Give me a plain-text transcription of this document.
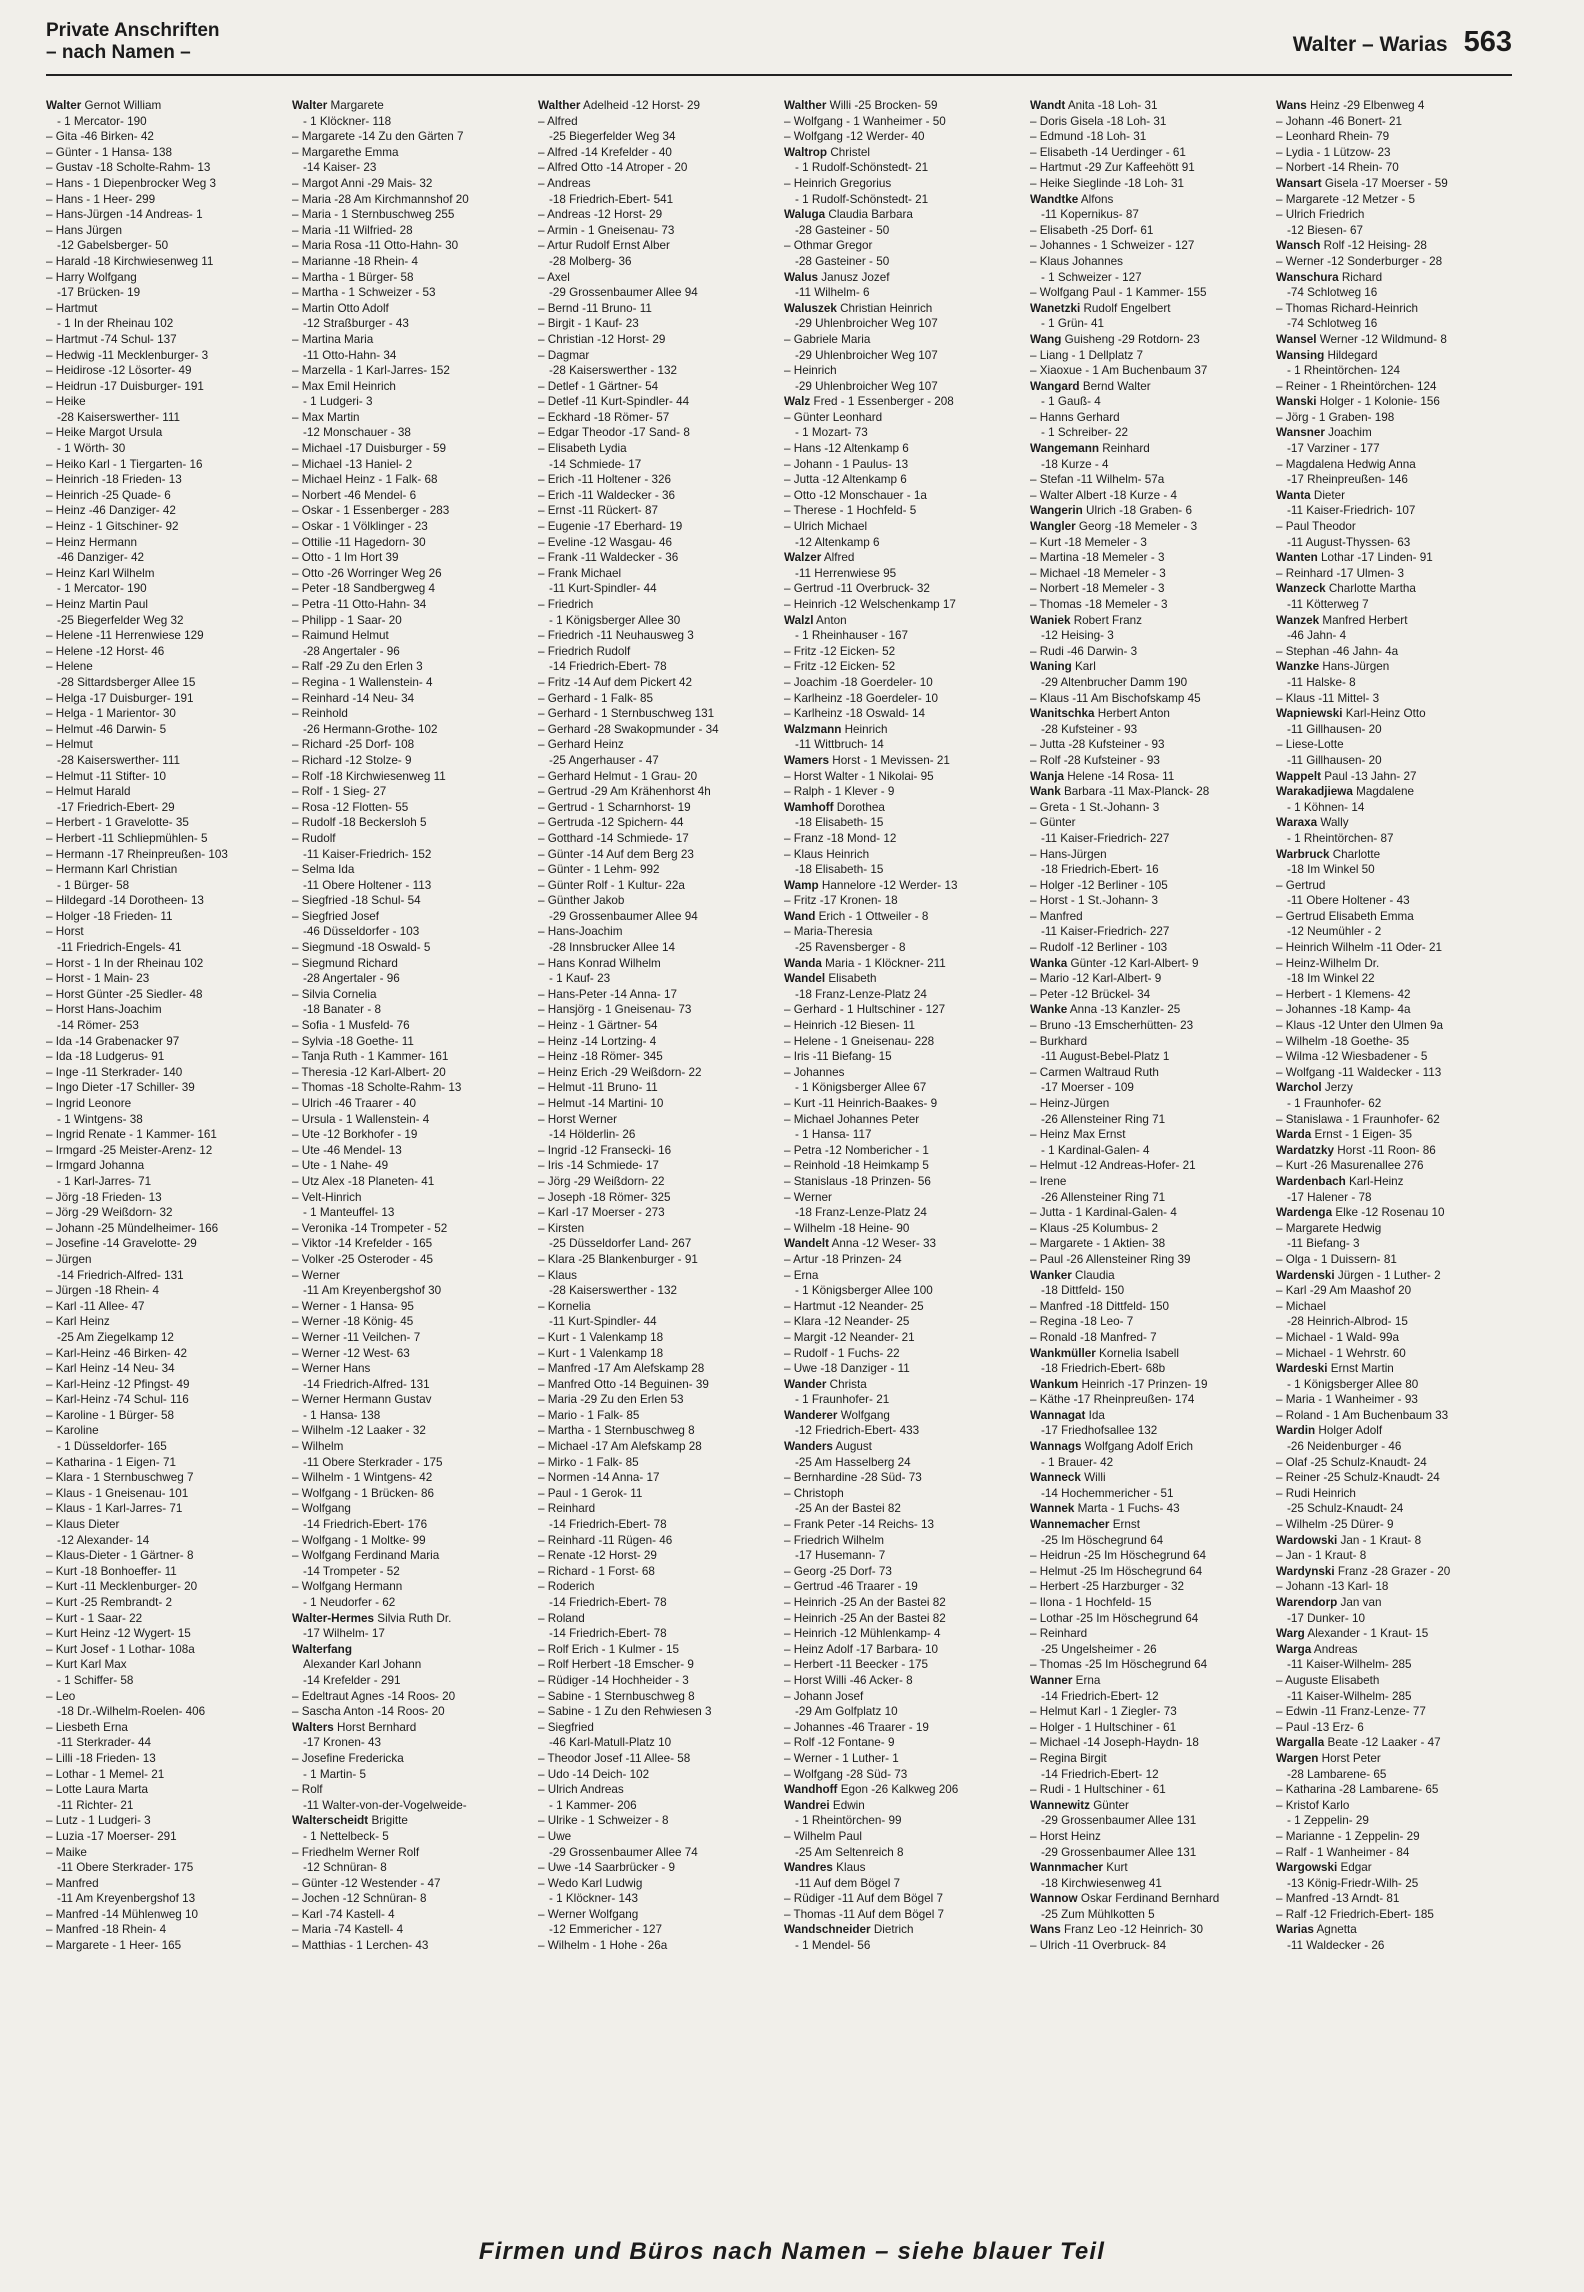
Private Anschriften
– nach Namen –	Walter – Warias 563
Walter Gernot William
- 1 Mercator- 190
– Gita -46 Birken- 42
– Günter - 1 Hansa- 138
– Gustav -18 Scholte-Rahm- 13
– Hans - 1 Diepenbrocker Weg 3
– Hans - 1 Heer- 299
– Hans-Jürgen -14 Andreas- 1
– Hans Jürgen
-12 Gabelsberger- 50
– Harald -18 Kirchwiesenweg 11
– Harry Wolfgang
-17 Brücken- 19
– Hartmut
- 1 In der Rheinau 102
– Hartmut -74 Schul- 137
– Hedwig -11 Mecklenburger- 3
– Heidirose -12 Lösorter- 49
– Heidrun -17 Duisburger- 191
– Heike
-28 Kaiserswerther- 111
– Heike Margot Ursula
- 1 Wörth- 30
– Heiko Karl - 1 Tiergarten- 16
– Heinrich -18 Frieden- 13
– Heinrich -25 Quade- 6
– Heinz -46 Danziger- 42
– Heinz - 1 Gitschiner- 92
– Heinz Hermann
-46 Danziger- 42
– Heinz Karl Wilhelm
- 1 Mercator- 190
– Heinz Martin Paul
-25 Biegerfelder Weg 32
– Helene -11 Herrenwiese 129
– Helene -12 Horst- 46
– Helene
-28 Sittardsberger Allee 15
– Helga -17 Duisburger- 191
– Helga - 1 Marientor- 30
– Helmut -46 Darwin- 5
– Helmut
-28 Kaiserswerther- 111
– Helmut -11 Stifter- 10
– Helmut Harald
-17 Friedrich-Ebert- 29
– Herbert - 1 Gravelotte- 35
– Herbert -11 Schliepmühlen- 5
– Hermann -17 Rheinpreußen- 103
– Hermann Karl Christian
- 1 Bürger- 58
– Hildegard -14 Dorotheen- 13
– Holger -18 Frieden- 11
– Horst
-11 Friedrich-Engels- 41
– Horst - 1 In der Rheinau 102
– Horst - 1 Main- 23
– Horst Günter -25 Siedler- 48
– Horst Hans-Joachim
-14 Römer- 253
– Ida -14 Grabenacker 97
– Ida -18 Ludgerus- 91
– Inge -11 Sterkrader- 140
– Ingo Dieter -17 Schiller- 39
– Ingrid Leonore
- 1 Wintgens- 38
– Ingrid Renate - 1 Kammer- 161
– Irmgard -25 Meister-Arenz- 12
– Irmgard Johanna
- 1 Karl-Jarres- 71
– Jörg -18 Frieden- 13
– Jörg -29 Weißdorn- 32
– Johann -25 Mündelheimer- 166
– Josefine -14 Gravelotte- 29
– Jürgen
-14 Friedrich-Alfred- 131
– Jürgen -18 Rhein- 4
– Karl -11 Allee- 47
– Karl Heinz
-25 Am Ziegelkamp 12
– Karl-Heinz -46 Birken- 42
– Karl Heinz -14 Neu- 34
– Karl-Heinz -12 Pfingst- 49
– Karl-Heinz -74 Schul- 116
– Karoline - 1 Bürger- 58
– Karoline
- 1 Düsseldorfer- 165
– Katharina - 1 Eigen- 71
– Klara - 1 Sternbuschweg 7
– Klaus - 1 Gneisenau- 101
– Klaus - 1 Karl-Jarres- 71
– Klaus Dieter
-12 Alexander- 14
– Klaus-Dieter - 1 Gärtner- 8
– Kurt -18 Bonhoeffer- 11
– Kurt -11 Mecklenburger- 20
– Kurt -25 Rembrandt- 2
– Kurt - 1 Saar- 22
– Kurt Heinz -12 Wygert- 15
– Kurt Josef - 1 Lothar- 108a
– Kurt Karl Max
- 1 Schiffer- 58
– Leo
-18 Dr.-Wilhelm-Roelen- 406
– Liesbeth Erna
-11 Sterkrader- 44
– Lilli -18 Frieden- 13
– Lothar - 1 Memel- 21
– Lotte Laura Marta
-11 Richter- 21
– Lutz - 1 Ludgeri- 3
– Luzia -17 Moerser- 291
– Maike
-11 Obere Sterkrader- 175
– Manfred
-11 Am Kreyenbergshof 13
– Manfred -14 Mühlenweg 10
– Manfred -18 Rhein- 4
– Margarete - 1 Heer- 165
Walter Margarete
- 1 Klöckner- 118
– Margarete -14 Zu den Gärten 7
– Margarethe Emma
-14 Kaiser- 23
– Margot Anni -29 Mais- 32
– Maria -28 Am Kirchmannshof 20
– Maria - 1 Sternbuschweg 255
– Maria -11 Wilfried- 28
– Maria Rosa -11 Otto-Hahn- 30
– Marianne -18 Rhein- 4
– Martha - 1 Bürger- 58
– Martha - 1 Schweizer - 53
– Martin Otto Adolf
-12 Straßburger - 43
– Martina Maria
-11 Otto-Hahn- 34
– Marzella - 1 Karl-Jarres- 152
– Max Emil Heinrich
- 1 Ludgeri- 3
– Max Martin
-12 Monschauer - 38
– Michael -17 Duisburger - 59
– Michael -13 Haniel- 2
– Michael Heinz - 1 Falk- 68
– Norbert -46 Mendel- 6
– Oskar - 1 Essenberger - 283
– Oskar - 1 Völklinger - 23
– Ottilie -11 Hagedorn- 30
– Otto - 1 Im Hort 39
– Otto -26 Worringer Weg 26
– Peter -18 Sandbergweg 4
– Petra -11 Otto-Hahn- 34
– Philipp - 1 Saar- 20
– Raimund Helmut
-28 Angertaler - 96
– Ralf -29 Zu den Erlen 3
– Regina - 1 Wallenstein- 4
– Reinhard -14 Neu- 34
– Reinhold
-26 Hermann-Grothe- 102
– Richard -25 Dorf- 108
– Richard -12 Stolze- 9
– Rolf -18 Kirchwiesenweg 11
– Rolf - 1 Sieg- 27
– Rosa -12 Flotten- 55
– Rudolf -18 Beckersloh 5
– Rudolf
-11 Kaiser-Friedrich- 152
– Selma Ida
-11 Obere Holtener - 113
– Siegfried -18 Schul- 54
– Siegfried Josef
-46 Düsseldorfer - 103
– Siegmund -18 Oswald- 5
– Siegmund Richard
-28 Angertaler - 96
– Silvia Cornelia
-18 Banater - 8
– Sofia - 1 Musfeld- 76
– Sylvia -18 Goethe- 11
– Tanja Ruth - 1 Kammer- 161
– Theresia -12 Karl-Albert- 20
– Thomas -18 Scholte-Rahm- 13
– Ulrich -46 Traarer - 40
– Ursula - 1 Wallenstein- 4
– Ute -12 Borkhofer - 19
– Ute -46 Mendel- 13
– Ute - 1 Nahe- 49
– Utz Alex -18 Planeten- 41
– Velt-Hinrich
- 1 Manteuffel- 13
– Veronika -14 Trompeter - 52
– Viktor -14 Krefelder - 165
– Volker -25 Osteroder - 45
– Werner
-11 Am Kreyenbergshof 30
– Werner - 1 Hansa- 95
– Werner -18 König- 45
– Werner -11 Veilchen- 7
– Werner -12 West- 63
– Werner Hans
-14 Friedrich-Alfred- 131
– Werner Hermann Gustav
- 1 Hansa- 138
– Wilhelm -12 Laaker - 32
– Wilhelm
-11 Obere Sterkrader - 175
– Wilhelm - 1 Wintgens- 42
– Wolfgang - 1 Brücken- 86
– Wolfgang
-14 Friedrich-Ebert- 176
– Wolfgang - 1 Moltke- 99
– Wolfgang Ferdinand Maria
-14 Trompeter - 52
– Wolfgang Hermann
- 1 Neudorfer - 62
Walter-Hermes Silvia Ruth Dr.
-17 Wilhelm- 17
Walterfang
Alexander Karl Johann
-14 Krefelder - 291
– Edeltraut Agnes -14 Roos- 20
– Sascha Anton -14 Roos- 20
Walters Horst Bernhard
-17 Kronen- 43
– Josefine Fredericka
- 1 Martin- 5
– Rolf
-11 Walter-von-der-Vogelweide-
Walterscheidt Brigitte
- 1 Nettelbeck- 5
– Friedhelm Werner Rolf
-12 Schnüran- 8
– Günter -12 Westender - 47
– Jochen -12 Schnüran- 8
– Karl -74 Kastell- 4
– Maria -74 Kastell- 4
– Matthias - 1 Lerchen- 43
Walther Adelheid -12 Horst- 29
– Alfred
-25 Biegerfelder Weg 34
– Alfred -14 Krefelder - 40
– Alfred Otto -14 Atroper - 20
– Andreas
-18 Friedrich-Ebert- 541
– Andreas -12 Horst- 29
– Armin - 1 Gneisenau- 73
– Artur Rudolf Ernst Alber
-28 Molberg- 36
– Axel
-29 Grossenbaumer Allee 94
– Bernd -11 Bruno- 11
– Birgit - 1 Kauf- 23
– Christian -12 Horst- 29
– Dagmar
-28 Kaiserswerther - 132
– Detlef - 1 Gärtner- 54
– Detlef -11 Kurt-Spindler- 44
– Eckhard -18 Römer- 57
– Edgar Theodor -17 Sand- 8
– Elisabeth Lydia
-14 Schmiede- 17
– Erich -11 Holtener - 326
– Erich -11 Waldecker - 36
– Ernst -11 Rückert- 87
– Eugenie -17 Eberhard- 19
– Eveline -12 Wasgau- 46
– Frank -11 Waldecker - 36
– Frank Michael
-11 Kurt-Spindler- 44
– Friedrich
- 1 Königsberger Allee 30
– Friedrich -11 Neuhausweg 3
– Friedrich Rudolf
-14 Friedrich-Ebert- 78
– Fritz -14 Auf dem Pickert 42
– Gerhard - 1 Falk- 85
– Gerhard - 1 Sternbuschweg 131
– Gerhard -28 Swakopmunder - 34
– Gerhard Heinz
-25 Angerhauser - 47
– Gerhard Helmut - 1 Grau- 20
– Gertrud -29 Am Krähenhorst 4h
– Gertrud - 1 Scharnhorst- 19
– Gertruda -12 Spichern- 44
– Gotthard -14 Schmiede- 17
– Günter -14 Auf dem Berg 23
– Günter - 1 Lehm- 992
– Günter Rolf - 1 Kultur- 22a
– Günther Jakob
-29 Grossenbaumer Allee 94
– Hans-Joachim
-28 Innsbrucker Allee 14
– Hans Konrad Wilhelm
- 1 Kauf- 23
– Hans-Peter -14 Anna- 17
– Hansjörg - 1 Gneisenau- 73
– Heinz - 1 Gärtner- 54
– Heinz -14 Lortzing- 4
– Heinz -18 Römer- 345
– Heinz Erich -29 Weißdorn- 22
– Helmut -11 Bruno- 11
– Helmut -14 Martini- 10
– Horst Werner
-14 Hölderlin- 26
– Ingrid -12 Fransecki- 16
– Iris -14 Schmiede- 17
– Jörg -29 Weißdorn- 22
– Joseph -18 Römer- 325
– Karl -17 Moerser - 273
– Kirsten
-25 Düsseldorfer Land- 267
– Klara -25 Blankenburger - 91
– Klaus
-28 Kaiserswerther - 132
– Kornelia
-11 Kurt-Spindler- 44
– Kurt - 1 Valenkamp 18
– Kurt - 1 Valenkamp 18
– Manfred -17 Am Alefskamp 28
– Manfred Otto -14 Beguinen- 39
– Maria -29 Zu den Erlen 53
– Mario - 1 Falk- 85
– Martha - 1 Sternbuschweg 8
– Michael -17 Am Alefskamp 28
– Mirko - 1 Falk- 85
– Normen -14 Anna- 17
– Paul - 1 Gerok- 11
– Reinhard
-14 Friedrich-Ebert- 78
– Reinhard -11 Rügen- 46
– Renate -12 Horst- 29
– Richard - 1 Forst- 68
– Roderich
-14 Friedrich-Ebert- 78
– Roland
-14 Friedrich-Ebert- 78
– Rolf Erich - 1 Kulmer - 15
– Rolf Herbert -18 Emscher- 9
– Rüdiger -14 Hochheider - 3
– Sabine - 1 Sternbuschweg 8
– Sabine - 1 Zu den Rehwiesen 3
– Siegfried
-46 Karl-Matull-Platz 10
– Theodor Josef -11 Allee- 58
– Udo -14 Deich- 102
– Ulrich Andreas
- 1 Kammer- 206
– Ulrike - 1 Schweizer - 8
– Uwe
-29 Grossenbaumer Allee 74
– Uwe -14 Saarbrücker - 9
– Wedo Karl Ludwig
- 1 Klöckner- 143
– Werner Wolfgang
-12 Emmericher - 127
– Wilhelm - 1 Hohe - 26a
Walther Willi -25 Brocken- 59
– Wolfgang - 1 Wanheimer - 50
– Wolfgang -12 Werder- 40
Waltrop Christel
- 1 Rudolf-Schönstedt- 21
– Heinrich Gregorius
- 1 Rudolf-Schönstedt- 21
Waluga Claudia Barbara
-28 Gasteiner - 50
– Othmar Gregor
-28 Gasteiner - 50
Walus Janusz Jozef
-11 Wilhelm- 6
Waluszek Christian Heinrich
-29 Uhlenbroicher Weg 107
– Gabriele Maria
-29 Uhlenbroicher Weg 107
– Heinrich
-29 Uhlenbroicher Weg 107
Walz Fred - 1 Essenberger - 208
– Günter Leonhard
- 1 Mozart- 73
– Hans -12 Altenkamp 6
– Johann - 1 Paulus- 13
– Jutta -12 Altenkamp 6
– Otto -12 Monschauer - 1a
– Therese - 1 Hochfeld- 5
– Ulrich Michael
-12 Altenkamp 6
Walzer Alfred
-11 Herrenwiese 95
– Gertrud -11 Overbruck- 32
– Heinrich -12 Welschenkamp 17
Walzl Anton
- 1 Rheinhauser - 167
– Fritz -12 Eicken- 52
– Fritz -12 Eicken- 52
– Joachim -18 Goerdeler- 10
– Karlheinz -18 Goerdeler- 10
– Karlheinz -18 Oswald- 14
Walzmann Heinrich
-11 Wittbruch- 14
Wamers Horst - 1 Mevissen- 21
– Horst Walter - 1 Nikolai- 95
– Ralph - 1 Klever - 9
Wamhoff Dorothea
-18 Elisabeth- 15
– Franz -18 Mond- 12
– Klaus Heinrich
-18 Elisabeth- 15
Wamp Hannelore -12 Werder- 13
– Fritz -17 Kronen- 18
Wand Erich - 1 Ottweiler - 8
– Maria-Theresia
-25 Ravensberger - 8
Wanda Maria - 1 Klöckner- 211
Wandel Elisabeth
-18 Franz-Lenze-Platz 24
– Gerhard - 1 Hultschiner - 127
– Heinrich -12 Biesen- 11
– Helene - 1 Gneisenau- 228
– Iris -11 Biefang- 15
– Johannes
- 1 Königsberger Allee 67
– Kurt -11 Heinrich-Baakes- 9
– Michael Johannes Peter
- 1 Hansa- 117
– Petra -12 Nombericher - 1
– Reinhold -18 Heimkamp 5
– Stanislaus -18 Prinzen- 56
– Werner
-18 Franz-Lenze-Platz 24
– Wilhelm -18 Heine- 90
Wandelt Anna -12 Weser- 33
– Artur -18 Prinzen- 24
– Erna
- 1 Königsberger Allee 100
– Hartmut -12 Neander- 25
– Klara -12 Neander- 25
– Margit -12 Neander- 21
– Rudolf - 1 Fuchs- 22
– Uwe -18 Danziger - 11
Wander Christa
- 1 Fraunhofer- 21
Wanderer Wolfgang
-12 Friedrich-Ebert- 433
Wanders August
-25 Am Hasselberg 24
– Bernhardine -28 Süd- 73
– Christoph
-25 An der Bastei 82
– Frank Peter -14 Reichs- 13
– Friedrich Wilhelm
-17 Husemann- 7
– Georg -25 Dorf- 73
– Gertrud -46 Traarer - 19
– Heinrich -25 An der Bastei 82
– Heinrich -25 An der Bastei 82
– Heinrich -12 Mühlenkamp- 4
– Heinz Adolf -17 Barbara- 10
– Herbert -11 Beecker - 175
– Horst Willi -46 Acker- 8
– Johann Josef
-29 Am Golfplatz 10
– Johannes -46 Traarer - 19
– Rolf -12 Fontane- 9
– Werner - 1 Luther- 1
– Wolfgang -28 Süd- 73
Wandhoff Egon -26 Kalkweg 206
Wandrei Edwin
- 1 Rheintörchen- 99
– Wilhelm Paul
-25 Am Seltenreich 8
Wandres Klaus
-11 Auf dem Bögel 7
– Rüdiger -11 Auf dem Bögel 7
– Thomas -11 Auf dem Bögel 7
Wandschneider Dietrich
- 1 Mendel- 56
Wandt Anita -18 Loh- 31
– Doris Gisela -18 Loh- 31
– Edmund -18 Loh- 31
– Elisabeth -14 Uerdinger - 61
– Hartmut -29 Zur Kaffeehött 91
– Heike Sieglinde -18 Loh- 31
Wandtke Alfons
-11 Kopernikus- 87
– Elisabeth -25 Dorf- 61
– Johannes - 1 Schweizer - 127
– Klaus Johannes
- 1 Schweizer - 127
– Wolfgang Paul - 1 Kammer- 155
Wanetzki Rudolf Engelbert
- 1 Grün- 41
Wang Guisheng -29 Rotdorn- 23
– Liang - 1 Dellplatz 7
– Xiaoxue - 1 Am Buchenbaum 37
Wangard Bernd Walter
- 1 Gauß- 4
– Hanns Gerhard
- 1 Schreiber- 22
Wangemann Reinhard
-18 Kurze - 4
– Stefan -11 Wilhelm- 57a
– Walter Albert -18 Kurze - 4
Wangerin Ulrich -18 Graben- 6
Wangler Georg -18 Memeler - 3
– Kurt -18 Memeler - 3
– Martina -18 Memeler - 3
– Michael -18 Memeler - 3
– Norbert -18 Memeler - 3
– Thomas -18 Memeler - 3
Waniek Robert Franz
-12 Heising- 3
– Rudi -46 Darwin- 3
Waning Karl
-29 Altenbrucher Damm 190
– Klaus -11 Am Bischofskamp 45
Wanitschka Herbert Anton
-28 Kufsteiner - 93
– Jutta -28 Kufsteiner - 93
– Rolf -28 Kufsteiner - 93
Wanja Helene -14 Rosa- 11
Wank Barbara -11 Max-Planck- 28
– Greta - 1 St.-Johann- 3
– Günter
-11 Kaiser-Friedrich- 227
– Hans-Jürgen
-18 Friedrich-Ebert- 16
– Holger -12 Berliner - 105
– Horst - 1 St.-Johann- 3
– Manfred
-11 Kaiser-Friedrich- 227
– Rudolf -12 Berliner - 103
Wanka Günter -12 Karl-Albert- 9
– Mario -12 Karl-Albert- 9
– Peter -12 Brückel- 34
Wanke Anna -13 Kanzler- 25
– Bruno -13 Emscherhütten- 23
– Burkhard
-11 August-Bebel-Platz 1
– Carmen Waltraud Ruth
-17 Moerser - 109
– Heinz-Jürgen
-26 Allensteiner Ring 71
– Heinz Max Ernst
- 1 Kardinal-Galen- 4
– Helmut -12 Andreas-Hofer- 21
– Irene
-26 Allensteiner Ring 71
– Jutta - 1 Kardinal-Galen- 4
– Klaus -25 Kolumbus- 2
– Margarete - 1 Aktien- 38
– Paul -26 Allensteiner Ring 39
Wanker Claudia
-18 Dittfeld- 150
– Manfred -18 Dittfeld- 150
– Regina -18 Leo- 7
– Ronald -18 Manfred- 7
Wankmüller Kornelia Isabell
-18 Friedrich-Ebert- 68b
Wankum Heinrich -17 Prinzen- 19
– Käthe -17 Rheinpreußen- 174
Wannagat Ida
-17 Friedhofsallee 132
Wannags Wolfgang Adolf Erich
- 1 Brauer- 42
Wanneck Willi
-14 Hochemmericher - 51
Wannek Marta - 1 Fuchs- 43
Wannemacher Ernst
-25 Im Höschegrund 64
– Heidrun -25 Im Höschegrund 64
– Helmut -25 Im Höschegrund 64
– Herbert -25 Harzburger - 32
– Ilona - 1 Hochfeld- 15
– Lothar -25 Im Höschegrund 64
– Reinhard
-25 Ungelsheimer - 26
– Thomas -25 Im Höschegrund 64
Wanner Erna
-14 Friedrich-Ebert- 12
– Helmut Karl - 1 Ziegler- 73
– Holger - 1 Hultschiner - 61
– Michael -14 Joseph-Haydn- 18
– Regina Birgit
-14 Friedrich-Ebert- 12
– Rudi - 1 Hultschiner - 61
Wannewitz Günter
-29 Grossenbaumer Allee 131
– Horst Heinz
-29 Grossenbaumer Allee 131
Wannmacher Kurt
-18 Kirchwiesenweg 41
Wannow Oskar Ferdinand Bernhard
-25 Zum Mühlkotten 5
Wans Franz Leo -12 Heinrich- 30
– Ulrich -11 Overbruck- 84
Wans Heinz -29 Elbenweg 4
– Johann -46 Bonert- 21
– Leonhard Rhein- 79
– Lydia - 1 Lützow- 23
– Norbert -14 Rhein- 70
Wansart Gisela -17 Moerser - 59
– Margarete -12 Metzer - 5
– Ulrich Friedrich
-12 Biesen- 67
Wansch Rolf -12 Heising- 28
– Werner -12 Sonderburger - 28
Wanschura Richard
-74 Schlotweg 16
– Thomas Richard-Heinrich
-74 Schlotweg 16
Wansel Werner -12 Wildmund- 8
Wansing Hildegard
- 1 Rheintörchen- 124
– Reiner - 1 Rheintörchen- 124
Wanski Holger - 1 Kolonie- 156
– Jörg - 1 Graben- 198
Wansner Joachim
-17 Varziner - 177
– Magdalena Hedwig Anna
-17 Rheinpreußen- 146
Wanta Dieter
-11 Kaiser-Friedrich- 107
– Paul Theodor
-11 August-Thyssen- 63
Wanten Lothar -17 Linden- 91
– Reinhard -17 Ulmen- 3
Wanzeck Charlotte Martha
-11 Kötterweg 7
Wanzek Manfred Herbert
-46 Jahn- 4
– Stephan -46 Jahn- 4a
Wanzke Hans-Jürgen
-11 Halske- 8
– Klaus -11 Mittel- 3
Wapniewski Karl-Heinz Otto
-11 Gillhausen- 20
– Liese-Lotte
-11 Gillhausen- 20
Wappelt Paul -13 Jahn- 27
Warakadjiewa Magdalene
- 1 Köhnen- 14
Waraxa Wally
- 1 Rheintörchen- 87
Warbruck Charlotte
-18 Im Winkel 50
– Gertrud
-11 Obere Holtener - 43
– Gertrud Elisabeth Emma
-12 Neumühler - 2
– Heinrich Wilhelm -11 Oder- 21
– Heinz-Wilhelm Dr.
-18 Im Winkel 22
– Herbert - 1 Klemens- 42
– Johannes -18 Kamp- 4a
– Klaus -12 Unter den Ulmen 9a
– Wilhelm -18 Goethe- 35
– Wilma -12 Wiesbadener - 5
– Wolfgang -11 Waldecker - 113
Warchol Jerzy
- 1 Fraunhofer- 62
– Stanislawa - 1 Fraunhofer- 62
Warda Ernst - 1 Eigen- 35
Wardatzky Horst -11 Roon- 86
– Kurt -26 Masurenallee 276
Wardenbach Karl-Heinz
-17 Halener - 78
Wardenga Elke -12 Rosenau 10
– Margarete Hedwig
-11 Biefang- 3
– Olga - 1 Duissern- 81
Wardenski Jürgen - 1 Luther- 2
– Karl -29 Am Maashof 20
– Michael
-28 Heinrich-Albrod- 15
– Michael - 1 Wald- 99a
– Michael - 1 Wehrstr. 60
Wardeski Ernst Martin
- 1 Königsberger Allee 80
– Maria - 1 Wanheimer - 93
– Roland - 1 Am Buchenbaum 33
Wardin Holger Adolf
-26 Neidenburger - 46
– Olaf -25 Schulz-Knaudt- 24
– Reiner -25 Schulz-Knaudt- 24
– Rudi Heinrich
-25 Schulz-Knaudt- 24
– Wilhelm -25 Dürer- 9
Wardowski Jan - 1 Kraut- 8
– Jan - 1 Kraut- 8
Wardynski Franz -28 Grazer - 20
– Johann -13 Karl- 18
Warendorp Jan van
-17 Dunker- 10
Warg Alexander - 1 Kraut- 15
Warga Andreas
-11 Kaiser-Wilhelm- 285
– Auguste Elisabeth
-11 Kaiser-Wilhelm- 285
– Edwin -11 Franz-Lenze- 77
– Paul -13 Erz- 6
Wargalla Beate -12 Laaker - 47
Wargen Horst Peter
-28 Lambarene- 65
– Katharina -28 Lambarene- 65
– Kristof Karlo
- 1 Zeppelin- 29
– Marianne - 1 Zeppelin- 29
– Ralf - 1 Wanheimer - 84
Wargowski Edgar
-13 König-Friedr-Wilh- 25
– Manfred -13 Arndt- 81
– Ralf -12 Friedrich-Ebert- 185
Warias Agnetta
-11 Waldecker - 26
Firmen und Büros nach Namen – siehe blauer Teil
